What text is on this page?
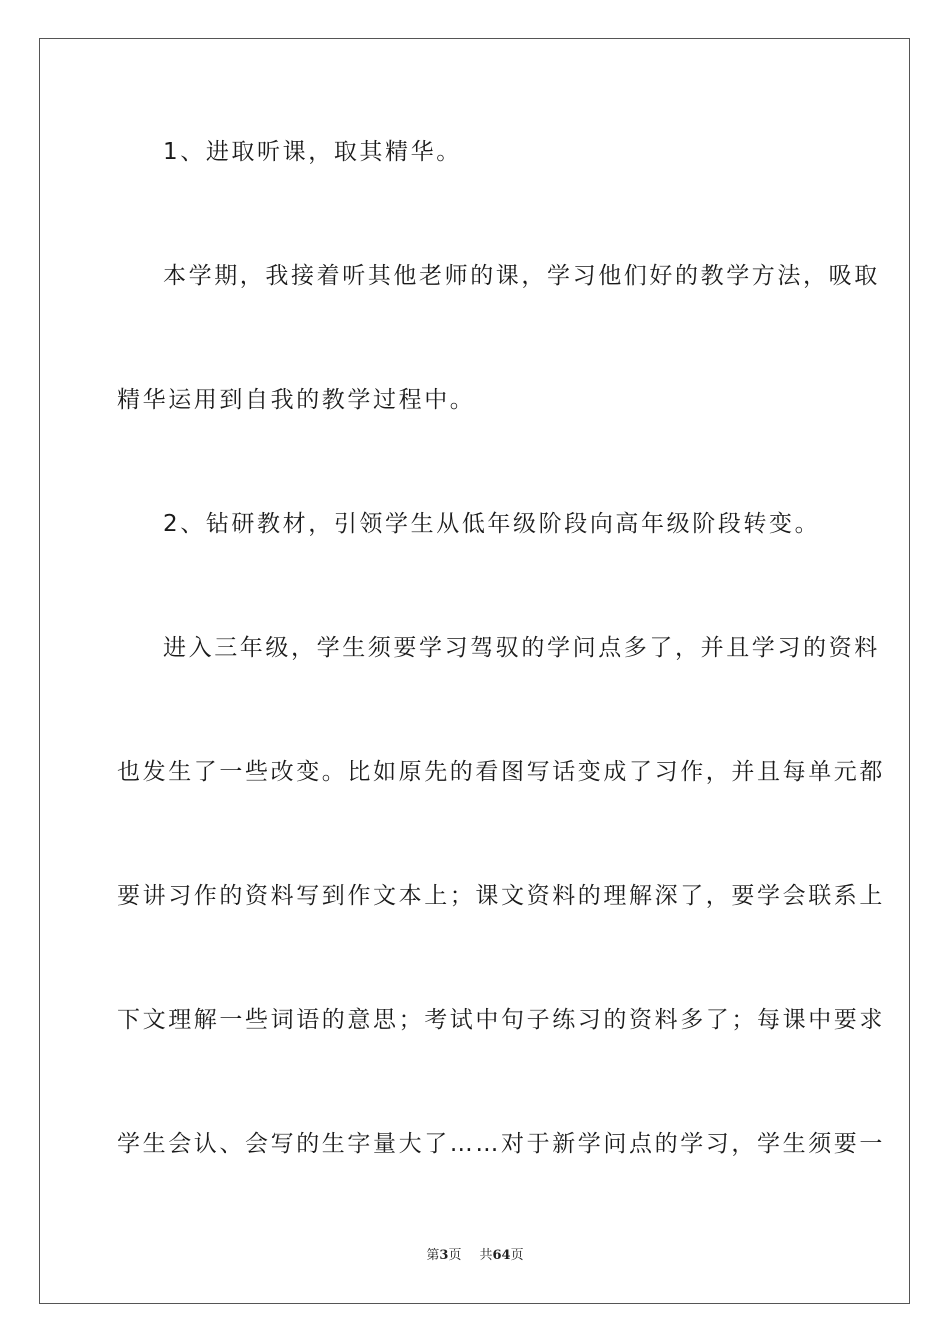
1、进取听课，取其精华。
本学期，我接着听其他老师的课，学习他们好的教学方法，吸取
精华运用到自我的教学过程中。
2、钻研教材，引领学生从低年级阶段向高年级阶段转变。
进入三年级，学生须要学习驾驭的学问点多了，并且学习的资料
也发生了一些改变。比如原先的看图写话变成了习作，并且每单元都
要讲习作的资料写到作文本上；课文资料的理解深了，要学会联系上
下文理解一些词语的意思；考试中句子练习的资料多了；每课中要求
学生会认、会写的生字量大了……对于新学问点的学习，学生须要一
第3页 共64页
